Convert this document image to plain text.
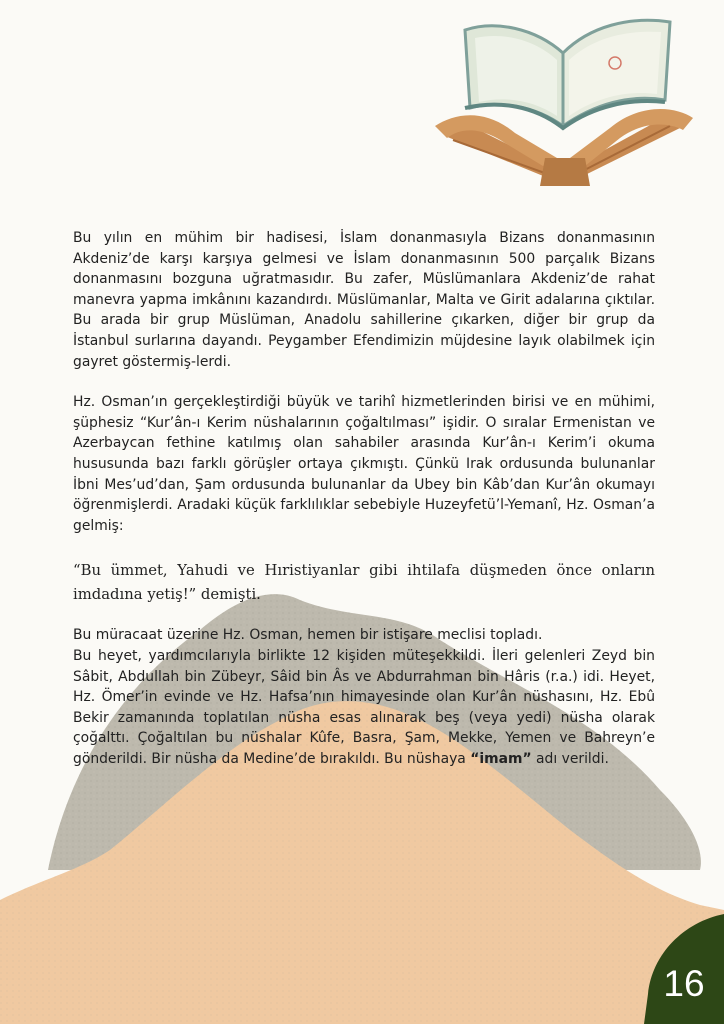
Bu yılın en mühim bir hadisesi, İslam donanmasıyla Bizans donanmasının Akdeniz’de karşı karşıya gelmesi ve İslam donanmasının 500 parçalık Bizans donanmasını bozguna uğratmasıdır. Bu zafer, Müslümanlara Akdeniz’de rahat manevra yapma imkânını kazandırdı. Müslümanlar, Malta ve Girit adalarına çıktılar. Bu arada bir grup Müslüman, Anadolu sahillerine çıkarken, diğer bir grup da İstanbul surlarına dayandı. Peygamber Efendimizin müjdesine layık olabilmek için gayret göstermiş-lerdi.

Hz. Osman’ın gerçekleştirdiği büyük ve tarihî hizmetlerinden birisi ve en mühimi, şüphesiz “Kur’ân-ı Kerim nüshalarının çoğaltılması” işidir. O sıralar Ermenistan ve Azerbaycan fethine katılmış olan sahabiler arasında Kur’ân-ı Kerim’i okuma hususunda bazı farklı görüşler ortaya çıkmıştı. Çünkü Irak ordusunda bulunanlar İbni Mes’ud’dan, Şam ordusunda bulunanlar da Ubey bin Kâb’dan Kur’ân okumayı öğrenmişlerdi. Aradaki küçük farklılıklar sebebiyle Huzeyfetü’l-Yemanî, Hz. Osman’a gelmiş:

“Bu ümmet, Yahudi ve Hıristiyanlar gibi ihtilafa düşmeden önce onların imdadına yetiş!” demişti.

Bu müracaat üzerine Hz. Osman, hemen bir istişare meclisi topladı.

Bu heyet, yardımcılarıyla birlikte 12 kişiden müteşekkildi. İleri gelenleri Zeyd bin Sâbit, Abdullah bin Zübeyr, Sâid bin Âs ve Abdurrahman bin Hâris (r.a.) idi. Heyet, Hz. Ömer’in evinde ve Hz. Hafsa’nın himayesinde olan Kur’ân nüshasını, Hz. Ebû Bekir zamanında toplatılan nüsha esas alınarak beş (veya yedi) nüsha olarak çoğalttı. Çoğaltılan bu nüshalar Kûfe, Basra, Şam, Mekke, Yemen ve Bahreyn’e gönderildi. Bir nüsha da Medine’de bırakıldı. Bu nüshaya “imam” adı verildi.

16
